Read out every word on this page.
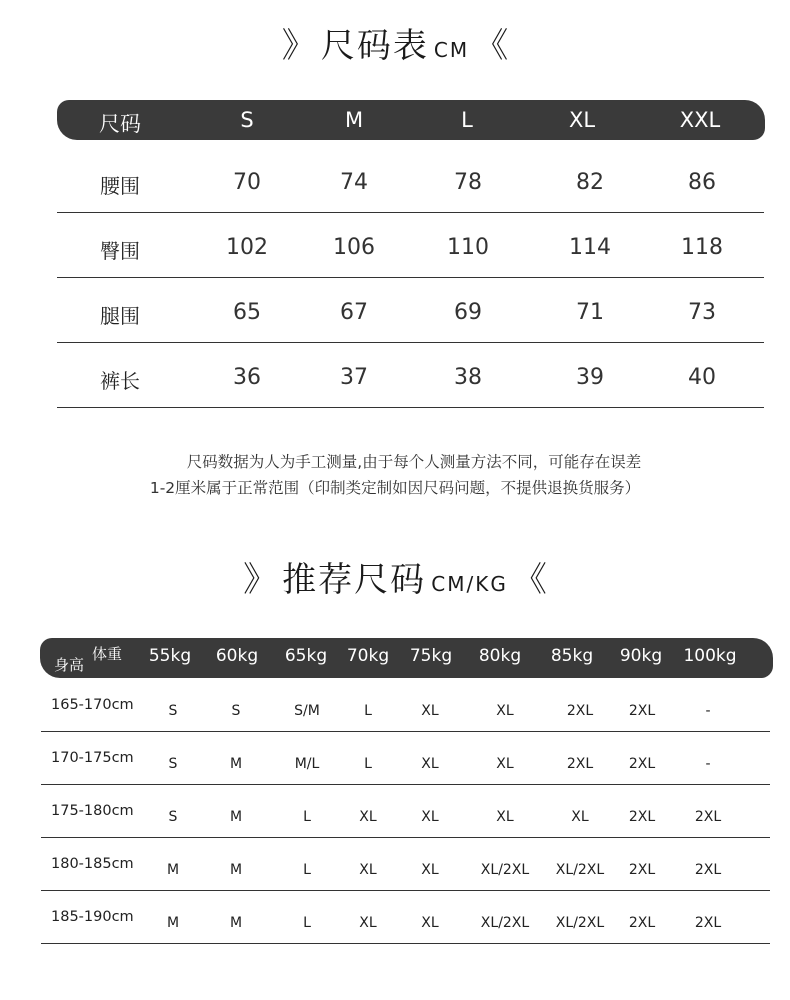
》 尺码表 CM 《
尺码	S	M	L	XL	XXL
腰围	70	74	78	82	86
臀围	102	106	110	114	118
腿围	65	67	69	71	73
裤长	36	37	38	39	40
尺码数据为人为手工测量,由于每个人测量方法不同，可能存在误差
1-2厘米属于正常范围（印制类定制如因尺码问题，不提供退换货服务）
》 推荐尺码 CM/KG 《
体重
身高	55kg 60kg 65kg 70kg 75kg 80kg 85kg 90kg 100kg
165-170cm S	S	S/M	L	XL	XL	2XL	2XL	-
170-175cm S	M	M/L	L	XL	XL	2XL	2XL	-
175-180cm S	M	L	XL	XL	XL	XL	2XL	2XL
180-185cm M	M	L	XL	XL	XL/2XL XL/2XL 2XL	2XL
185-190cm M	M	L	XL	XL	XL/2XL XL/2XL 2XL	2XL
